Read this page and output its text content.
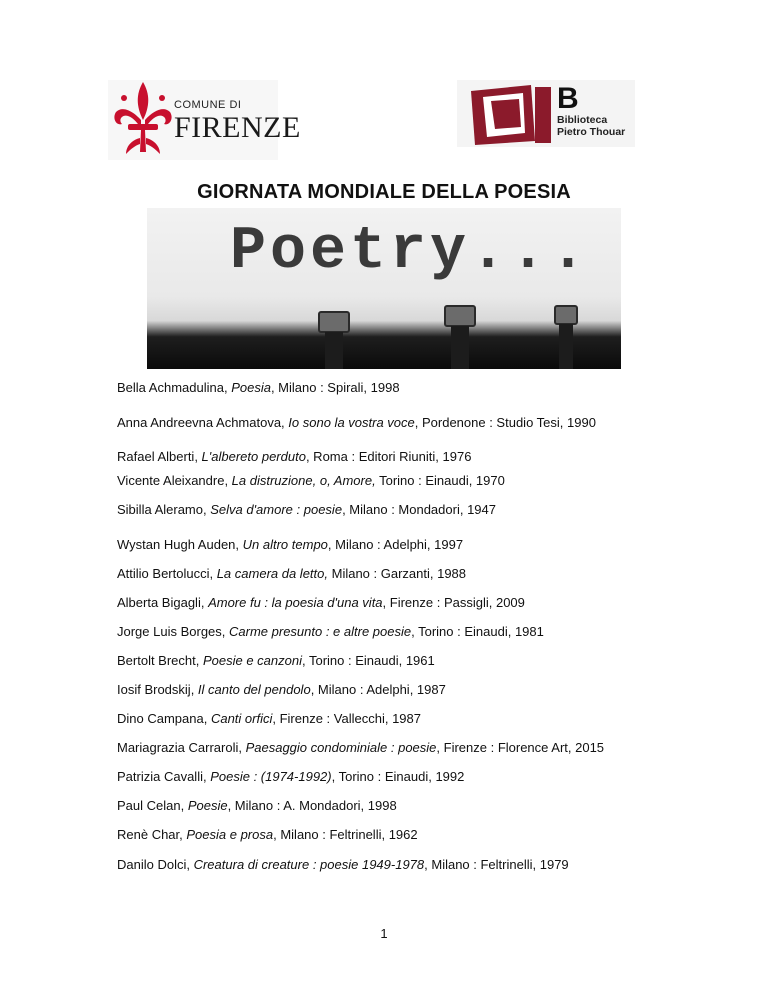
COMUNE DI
FIRENZE
B
Biblioteca
Pietro Thouar
GIORNATA MONDIALE DELLA POESIA
Poetry...
Bella Achmadulina, Poesia, Milano : Spirali, 1998
Anna Andreevna Achmatova, Io sono la vostra voce, Pordenone : Studio Tesi, 1990
Rafael Alberti, L'albereto perduto, Roma : Editori Riuniti, 1976
Vicente Aleixandre, La distruzione, o, Amore, Torino : Einaudi, 1970
Sibilla Aleramo, Selva d'amore : poesie, Milano : Mondadori, 1947
Wystan Hugh Auden, Un altro tempo, Milano : Adelphi, 1997
Attilio Bertolucci, La camera da letto, Milano : Garzanti, 1988
Alberta Bigagli, Amore fu : la poesia d'una vita, Firenze : Passigli, 2009
Jorge Luis Borges, Carme presunto : e altre poesie, Torino : Einaudi, 1981
Bertolt Brecht, Poesie e canzoni, Torino : Einaudi, 1961
Iosif Brodskij, Il canto del pendolo, Milano : Adelphi, 1987
Dino Campana, Canti orfici, Firenze : Vallecchi, 1987
Mariagrazia Carraroli, Paesaggio condominiale : poesie, Firenze : Florence Art, 2015
Patrizia Cavalli, Poesie : (1974-1992), Torino : Einaudi, 1992
Paul Celan, Poesie, Milano : A. Mondadori, 1998
Renè Char, Poesia e prosa, Milano : Feltrinelli, 1962
Danilo Dolci, Creatura di creature : poesie 1949-1978, Milano : Feltrinelli, 1979
1
